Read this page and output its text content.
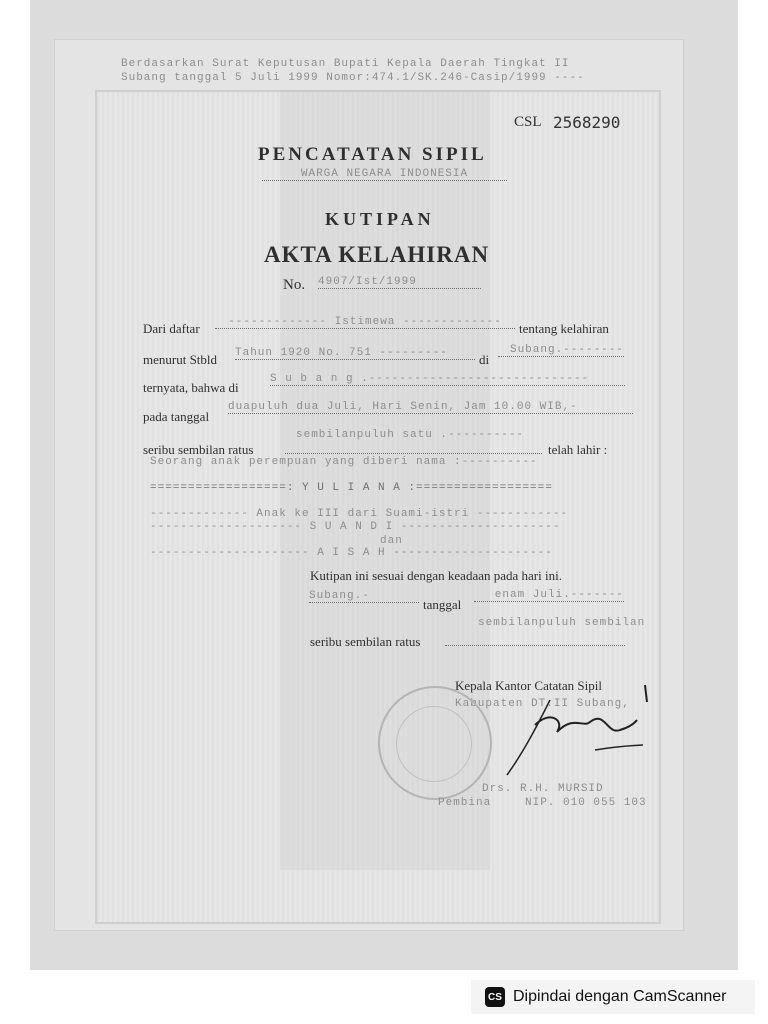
Berdasarkan Surat Keputusan Bupati Kepala Daerah Tingkat II
Subang tanggal 5 Juli 1999 Nomor:474.1/SK.246-Casip/1999 ----
CSL 2568290
PENCATATAN SIPIL
WARGA NEGARA INDONESIA
KUTIPAN
AKTA KELAHIRAN
No. 4907/Ist/1999
Dari daftar	------------- Istimewa -------------	tentang kelahiran
menurut Stbld Tahun 1920 No. 751 ---------	di
Subang.--------
ternyata, bahwa di
S u b a n g .-----------------------------
pada tanggal
duapuluh dua Juli, Hari Senin, Jam 10.00 WIB,-
sembilanpuluh satu .----------
seribu sembilan ratus	telah lahir :
Seorang anak perempuan yang diberi nama :----------
==================: Y U L I A N A :==================
------------- Anak ke III dari Suami-istri ------------
-------------------- S U A N D I ---------------------
dan
--------------------- A I S A H ---------------------
Kutipan ini sesuai dengan keadaan pada hari ini.
Subang.-
tanggal
enam Juli.-------
sembilanpuluh sembilan
seribu sembilan ratus
Kepala Kantor Catatan Sipil
Kabupaten DT.II Subang,
Drs. R.H. MURSID
Pembina	NIP. 010 055 103
CS Dipindai dengan CamScanner
